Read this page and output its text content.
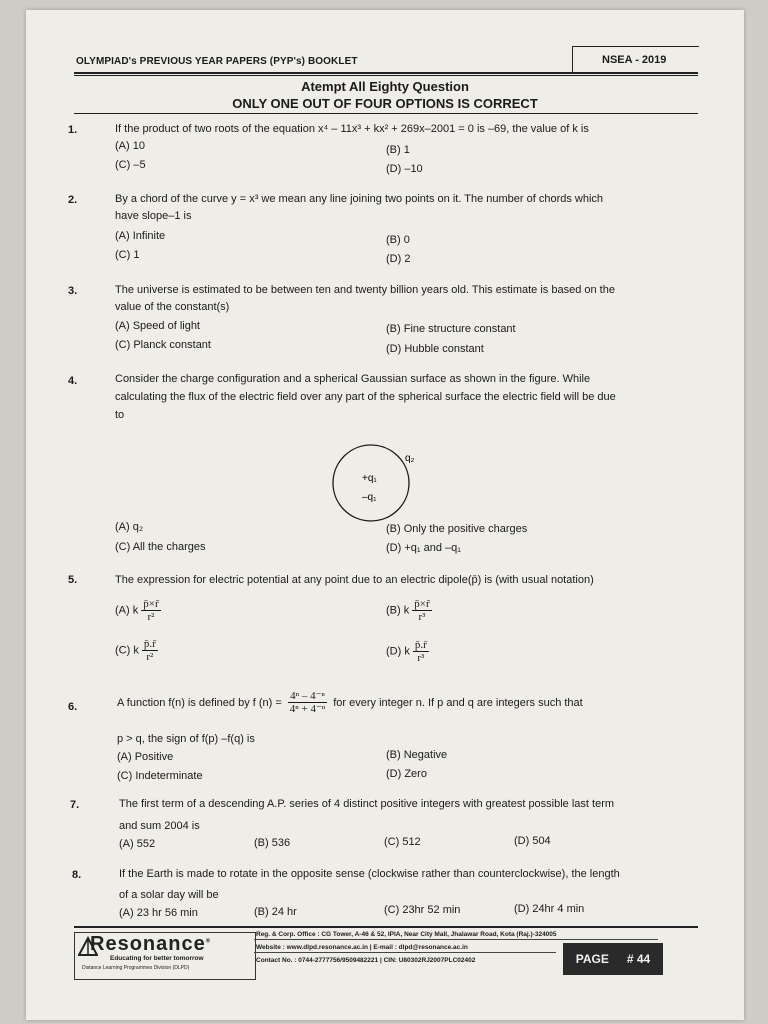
OLYMPIAD's PREVIOUS YEAR PAPERS (PYP's) BOOKLET	NSEA - 2019
Atempt All Eighty Question
ONLY ONE OUT OF FOUR OPTIONS IS CORRECT
1.	If the product of two roots of the equation x⁴ – 11x³ + kx² + 269x–2001 = 0 is –69, the value of k is
(A) 10	(B) 1
(C) –5	(D) –10
2.	By a chord of the curve y = x³ we mean any line joining two points on it. The number of chords which
have slope–1 is
(A) Infinite	(B) 0
(C) 1	(D) 2
3.	The universe is estimated to be between ten and twenty billion years old. This estimate is based on the
value of the constant(s)
(A) Speed of light	(B) Fine structure constant
(C) Planck constant	(D) Hubble constant
4.	Consider the charge configuration and a spherical Gaussian surface as shown in the figure. While
calculating the flux of the electric field over any part of the spherical surface the electric field will be due
to
+q₁
–q₁
q₂
(A) q₂	(B) Only the positive charges
(C) All the charges	(D) +q₁ and –q₁
5.	The expression for electric potential at any point due to an electric dipole(p̄) is (with usual notation)
(A) k $\frac{p̄\times r̄}{\text{r²}}$	(B) k $\frac{p̄\times r̄}{\text{r³}}$
(C) k $\frac{p̄.r̄}{\text{r²}}$	(D) k $\frac{p̄.r̄}{\text{r³}}$
6.	A function f(n) is defined by f $(n) = \frac{\text{4ⁿ – 4⁻ⁿ}}{\text{4ⁿ + 4⁻ⁿ}}$ for every integer n. If p and q are integers such that
p > q, the sign of f(p) –f(q) is
(A) Positive	(B) Negative
(C) Indeterminate	(D) Zero
7.	The first term of a descending A.P. series of 4 distinct positive integers with greatest possible last term
and sum 2004 is
(A) 552	(B) 536	(C) 512	(D) 504
8.	If the Earth is made to rotate in the opposite sense (clockwise rather than counterclockwise), the length
of a solar day will be
(A) 23 hr 56 min	(B) 24 hr	(C) 23hr 52 min	(D) 24hr 4 min
Resonance®
Educating for better tomorrow
Distance Learning Programmes Division (DLPD)
Reg. & Corp. Office : CG Tower, A-46 & 52, IPIA, Near City Mall, Jhalawar Road, Kota (Raj.)-324005
Website : www.dlpd.resonance.ac.in | E-mail : dlpd@resonance.ac.in
Contact No. : 0744-2777756/9509482221 | CIN: U80302RJ2007PLC02402	PAGE # 44
